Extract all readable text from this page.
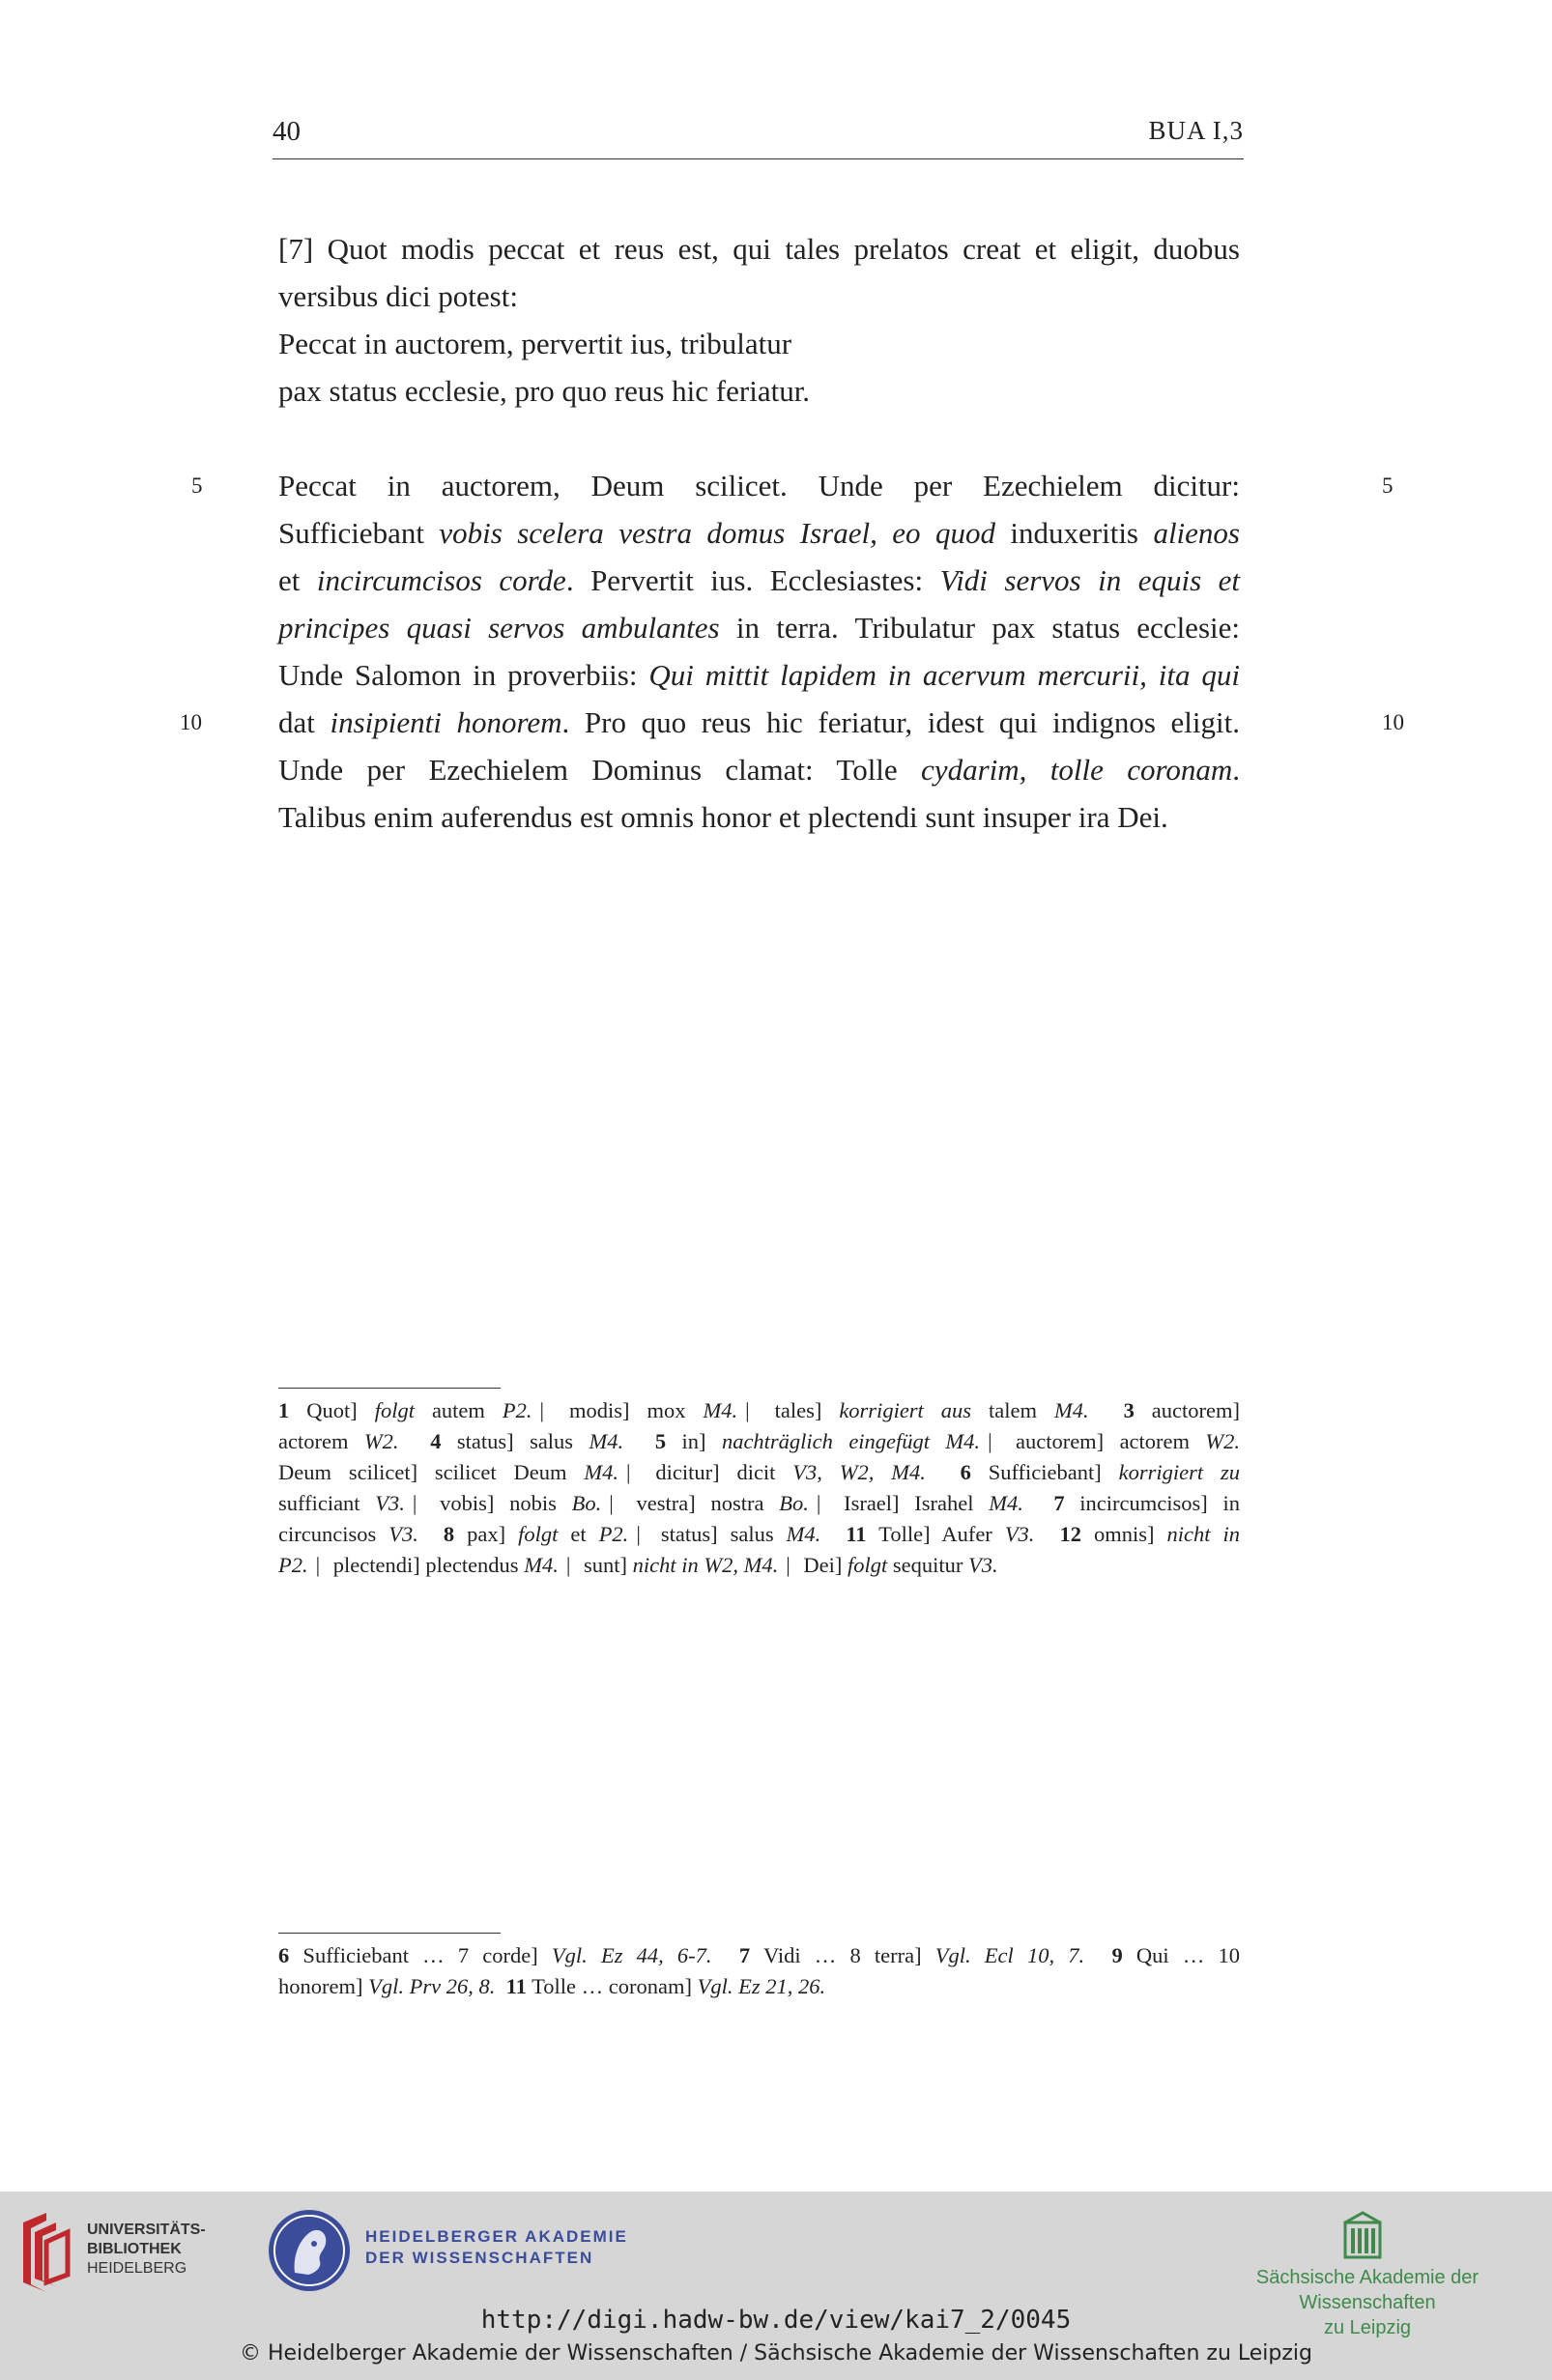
40	BUA I,3
[7] Quot modis peccat et reus est, qui tales prelatos creat et eligit, duobus
versibus dici potest:
Peccat in auctorem, pervertit ius, tribulatur
pax status ecclesie, pro quo reus hic feriatur.
Peccat in auctorem, Deum scilicet. Unde per Ezechielem dicitur:
Sufficiebant vobis scelera vestra domus Israel, eo quod induxeritis alienos
et incircumcisos corde. Pervertit ius. Ecclesiastes: Vidi servos in equis et
principes quasi servos ambulantes in terra. Tribulatur pax status ecclesie:
Unde Salomon in proverbiis: Qui mittit lapidem in acervum mercurii, ita qui
dat insipienti honorem. Pro quo reus hic feriatur, idest qui indignos eligit.
Unde per Ezechielem Dominus clamat: Tolle cydarim, tolle coronam.
Talibus enim auferendus est omnis honor et plectendi sunt insuper ira Dei.
5	5
10	10
1 Quot] folgt autem P2. | modis] mox M4. | tales] korrigiert aus talem M4. 3 auctorem]
actorem W2. 4 status] salus M4. 5 in] nachträglich eingefügt M4. | auctorem] actorem W2.
Deum scilicet] scilicet Deum M4. | dicitur] dicit V3, W2, M4. 6 Sufficiebant] korrigiert zu
sufficiant V3. | vobis] nobis Bo. | vestra] nostra Bo. | Israel] Israhel M4. 7 incircumcisos] in
circuncisos V3. 8 pax] folgt et P2. | status] salus M4. 11 Tolle] Aufer V3. 12 omnis] nicht in
P2. | plectendi] plectendus M4. | sunt] nicht in W2, M4. | Dei] folgt sequitur V3.
6 Sufficiebant … 7 corde] Vgl. Ez 44, 6-7. 7 Vidi … 8 terra] Vgl. Ecl 10, 7. 9 Qui … 10
honorem] Vgl. Prv 26, 8. 11 Tolle … coronam] Vgl. Ez 21, 26.
UNIVERSITÄTS-
BIBLIOTHEK
HEIDELBERG
HEIDELBERGER AKADEMIE
DER WISSENSCHAFTEN
Sächsische Akademie der Wissenschaften
zu Leipzig
http://digi.hadw-bw.de/view/kai7_2/0045
© Heidelberger Akademie der Wissenschaften / Sächsische Akademie der Wissenschaften zu Leipzig
